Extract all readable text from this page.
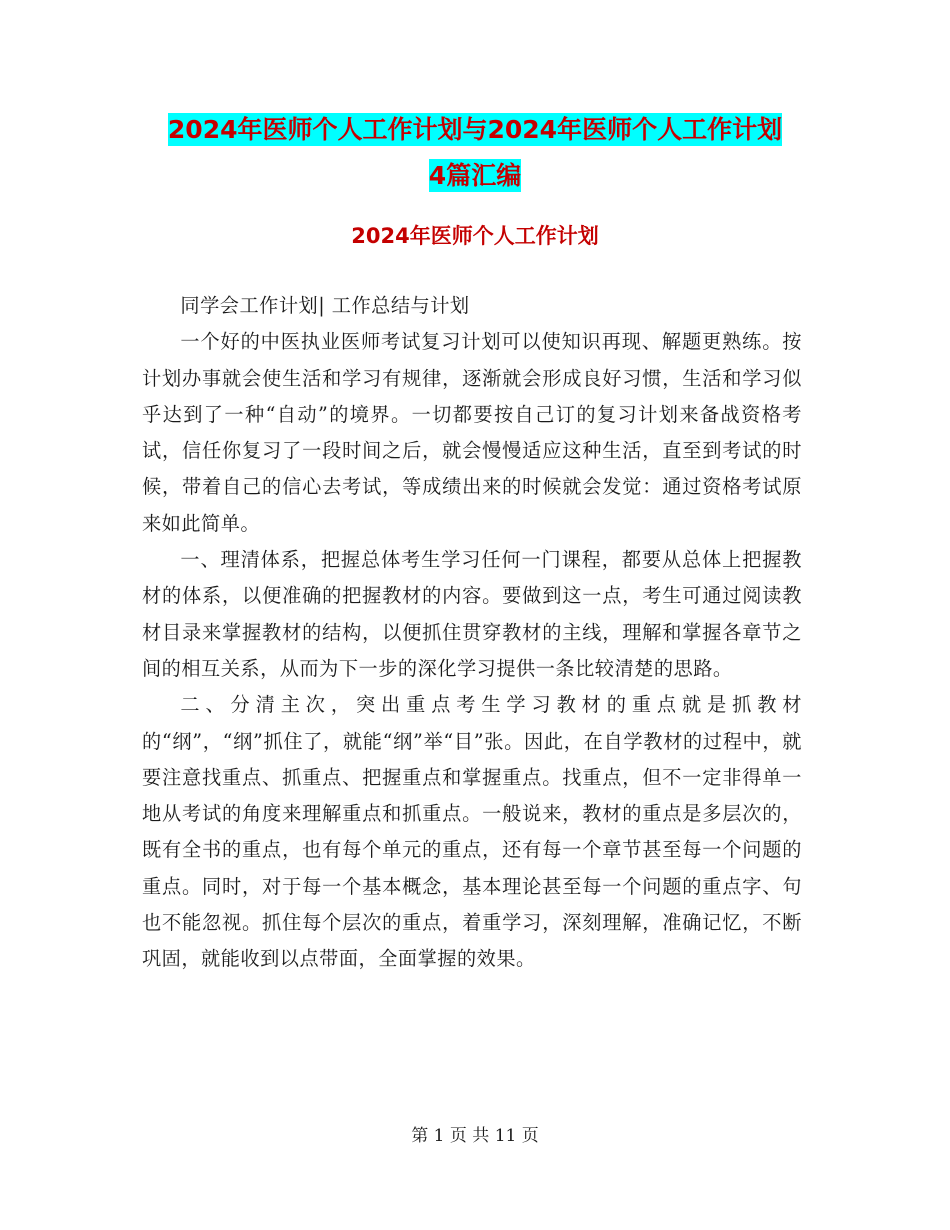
2024年医师个人工作计划与2024年医师个人工作计划
4篇汇编
2024年医师个人工作计划

同学会工作计划| 工作总结与计划

一个好的中医执业医师考试复习计划可以使知识再现、解题更熟练。按计划办事就会使生活和学习有规律，逐渐就会形成良好习惯，生活和学习似乎达到了一种“自动”的境界。一切都要按自己订的复习计划来备战资格考试，信任你复习了一段时间之后，就会慢慢适应这种生活，直至到考试的时候，带着自己的信心去考试，等成绩出来的时候就会发觉：通过资格考试原来如此简单。

一、理清体系，把握总体考生学习任何一门课程，都要从总体上把握教材的体系，以便准确的把握教材的内容。要做到这一点，考生可通过阅读教材目录来掌握教材的结构，以便抓住贯穿教材的主线，理解和掌握各章节之间的相互关系，从而为下一步的深化学习提供一条比较清楚的思路。

二、分清主次，突出重点考生学习教材的重点就是抓教材的“纲”，“纲”抓住了，就能“纲”举“目”张。因此，在自学教材的过程中，就要注意找重点、抓重点、把握重点和掌握重点。找重点，但不一定非得单一地从考试的角度来理解重点和抓重点。一般说来，教材的重点是多层次的，既有全书的重点，也有每个单元的重点，还有每一个章节甚至每一个问题的重点。同时，对于每一个基本概念，基本理论甚至每一个问题的重点字、句也不能忽视。抓住每个层次的重点，着重学习，深刻理解，准确记忆，不断巩固，就能收到以点带面，全面掌握的效果。

第 1 页 共 11 页
